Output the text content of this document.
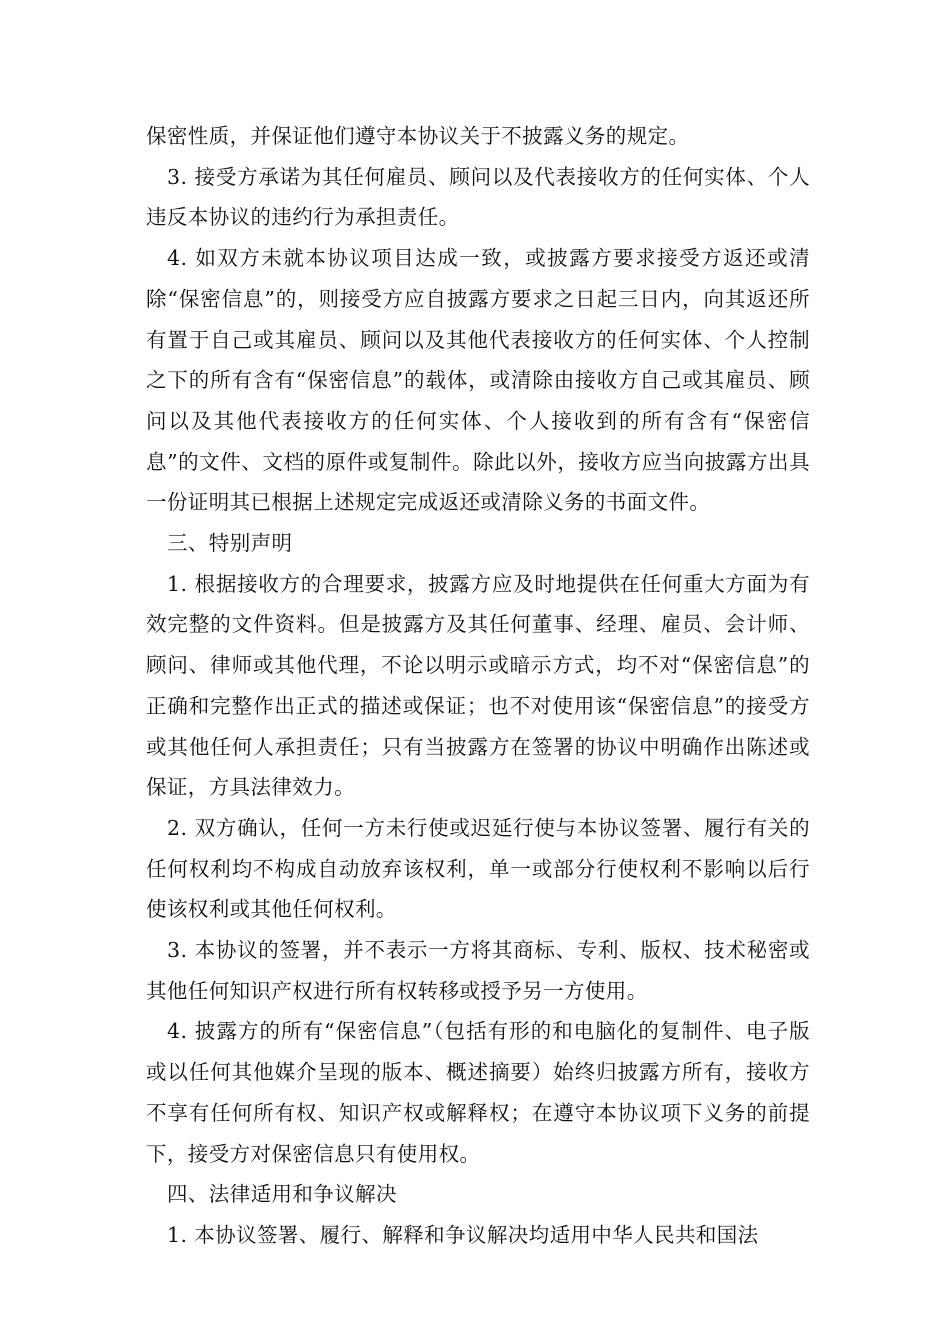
保密性质，并保证他们遵守本协议关于不披露义务的规定。

3. 接受方承诺为其任何雇员、顾问以及代表接收方的任何实体、个人违反本协议的违约行为承担责任。

4. 如双方未就本协议项目达成一致，或披露方要求接受方返还或清除“保密信息”的，则接受方应自披露方要求之日起三日内，向其返还所有置于自己或其雇员、顾问以及其他代表接收方的任何实体、个人控制之下的所有含有“保密信息”的载体，或清除由接收方自己或其雇员、顾问以及其他代表接收方的任何实体、个人接收到的所有含有“保密信息”的文件、文档的原件或复制件。除此以外，接收方应当向披露方出具一份证明其已根据上述规定完成返还或清除义务的书面文件。

三、特别声明

1. 根据接收方的合理要求，披露方应及时地提供在任何重大方面为有效完整的文件资料。但是披露方及其任何董事、经理、雇员、会计师、顾问、律师或其他代理，不论以明示或暗示方式，均不对“保密信息”的正确和完整作出正式的描述或保证；也不对使用该“保密信息”的接受方或其他任何人承担责任；只有当披露方在签署的协议中明确作出陈述或保证，方具法律效力。

2. 双方确认，任何一方未行使或迟延行使与本协议签署、履行有关的任何权利均不构成自动放弃该权利，单一或部分行使权利不影响以后行使该权利或其他任何权利。

3. 本协议的签署，并不表示一方将其商标、专利、版权、技术秘密或其他任何知识产权进行所有权转移或授予另一方使用。

4. 披露方的所有“保密信息”（包括有形的和电脑化的复制件、电子版或以任何其他媒介呈现的版本、概述摘要）始终归披露方所有，接收方不享有任何所有权、知识产权或解释权；在遵守本协议项下义务的前提下，接受方对保密信息只有使用权。

四、法律适用和争议解决

1. 本协议签署、履行、解释和争议解决均适用中华人民共和国法
